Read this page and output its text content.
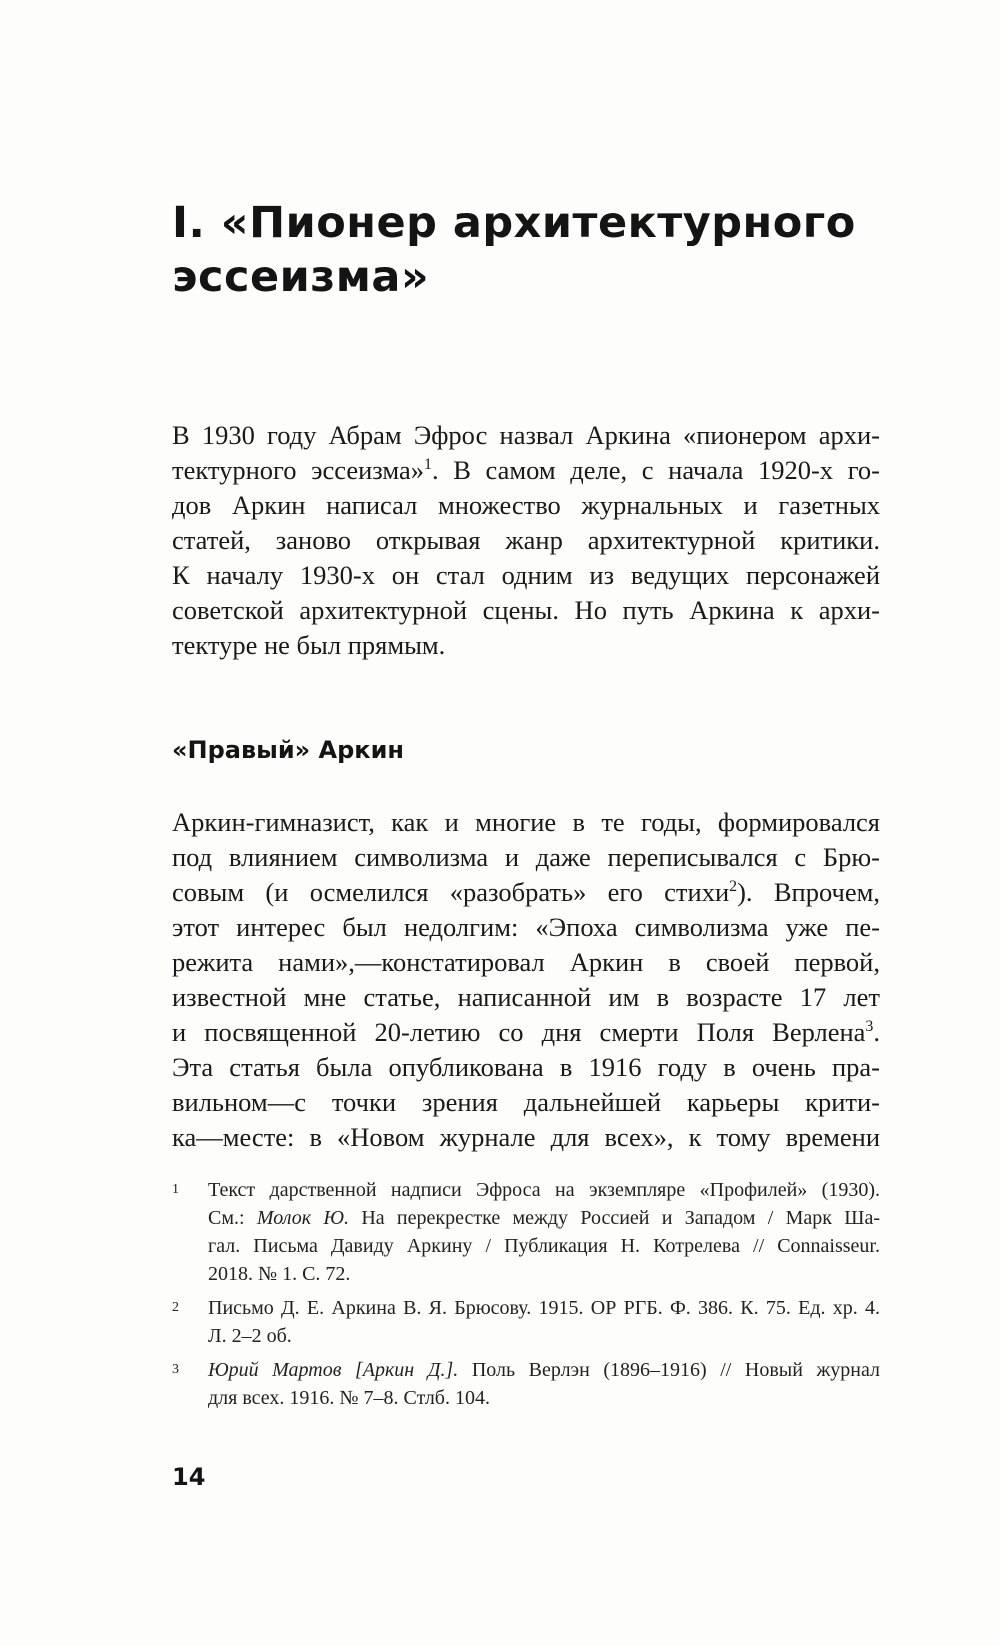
I. «Пионер архитектурного
эссеизма»
В 1930 году Абрам Эфрос назвал Аркина «пионером архи-
тектурного эссеизма»$^1$. В самом деле, с начала 1920-х го-
дов Аркин написал множество журнальных и газетных
статей, заново открывая жанр архитектурной критики.
К началу 1930-х он стал одним из ведущих персонажей
советской архитектурной сцены. Но путь Аркина к архи-
тектуре не был прямым.
«Правый» Аркин
Аркин-гимназист, как и многие в те годы, формировался
под влиянием символизма и даже переписывался с Брю-
совым (и осмелился «разобрать» его стихи$^2$). Впрочем,
этот интерес был недолгим: «Эпоха символизма уже пе-
режита нами»,—констатировал Аркин в своей первой,
известной мне статье, написанной им в возрасте 17 лет
и посвященной 20-летию со дня смерти Поля Верлена$^3$.
Эта статья была опубликована в 1916 году в очень пра-
вильном—с точки зрения дальнейшей карьеры крити-
ка—месте: в «Новом журнале для всех», к тому времени
1 Текст дарственной надписи Эфроса на экземпляре «Профилей» (1930).
См.: Молок Ю. На перекрестке между Россией и Западом / Марк Ша-
гал. Письма Давиду Аркину / Публикация Н. Котрелева // Connaisseur.
2018. № 1. С. 72.
2 Письмо Д. Е. Аркина В. Я. Брюсову. 1915. ОР РГБ. Ф. 386. К. 75. Ед. хр. 4.
Л. 2–2 об.
3 Юрий Мартов [Аркин Д.]. Поль Верлэн (1896–1916) // Новый журнал
для всех. 1916. № 7–8. Стлб. 104.
14
